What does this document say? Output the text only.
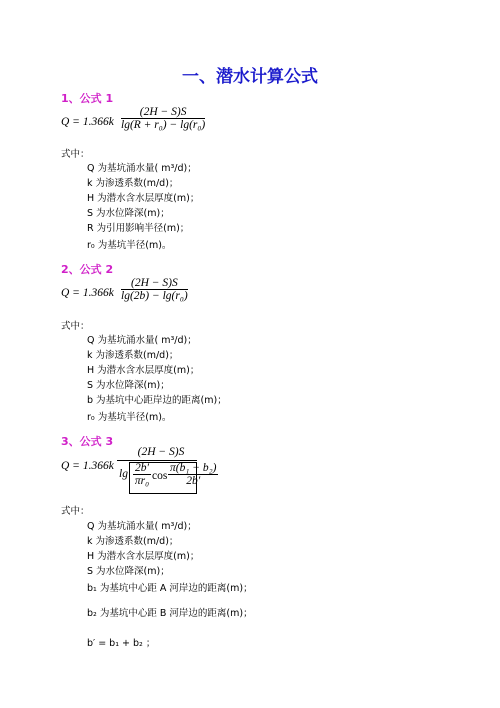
一、潜水计算公式
1、公式 1
Q = 1.366k
(2H − S)S
lg(R + r₀) − lg(r₀)
式中：
Q 为基坑涌水量( m³/d)；
k 为渗透系数(m/d)；
H 为潜水含水层厚度(m)；
S 为水位降深(m)；
R 为引用影响半径(m)；
r₀ 为基坑半径(m)。
2、公式 2
Q = 1.366k
(2H − S)S
lg(2b) − lg(r₀)
式中：
Q 为基坑涌水量( m³/d)；
k 为渗透系数(m/d)；
H 为潜水含水层厚度(m)；
S 为水位降深(m)；
b 为基坑中心距岸边的距离(m)；
r₀ 为基坑半径(m)。
3、公式 3
Q = 1.366k
(2H − S)S
lg 2b′
πr₀ cos
π(b₁ − b₂)
2b′
式中：
Q 为基坑涌水量( m³/d)；
k 为渗透系数(m/d)；
H 为潜水含水层厚度(m)；
S 为水位降深(m)；
b₁ 为基坑中心距 A 河岸边的距离(m)；
b₂ 为基坑中心距 B 河岸边的距离(m)；
b′ = b₁ + b₂ ；
